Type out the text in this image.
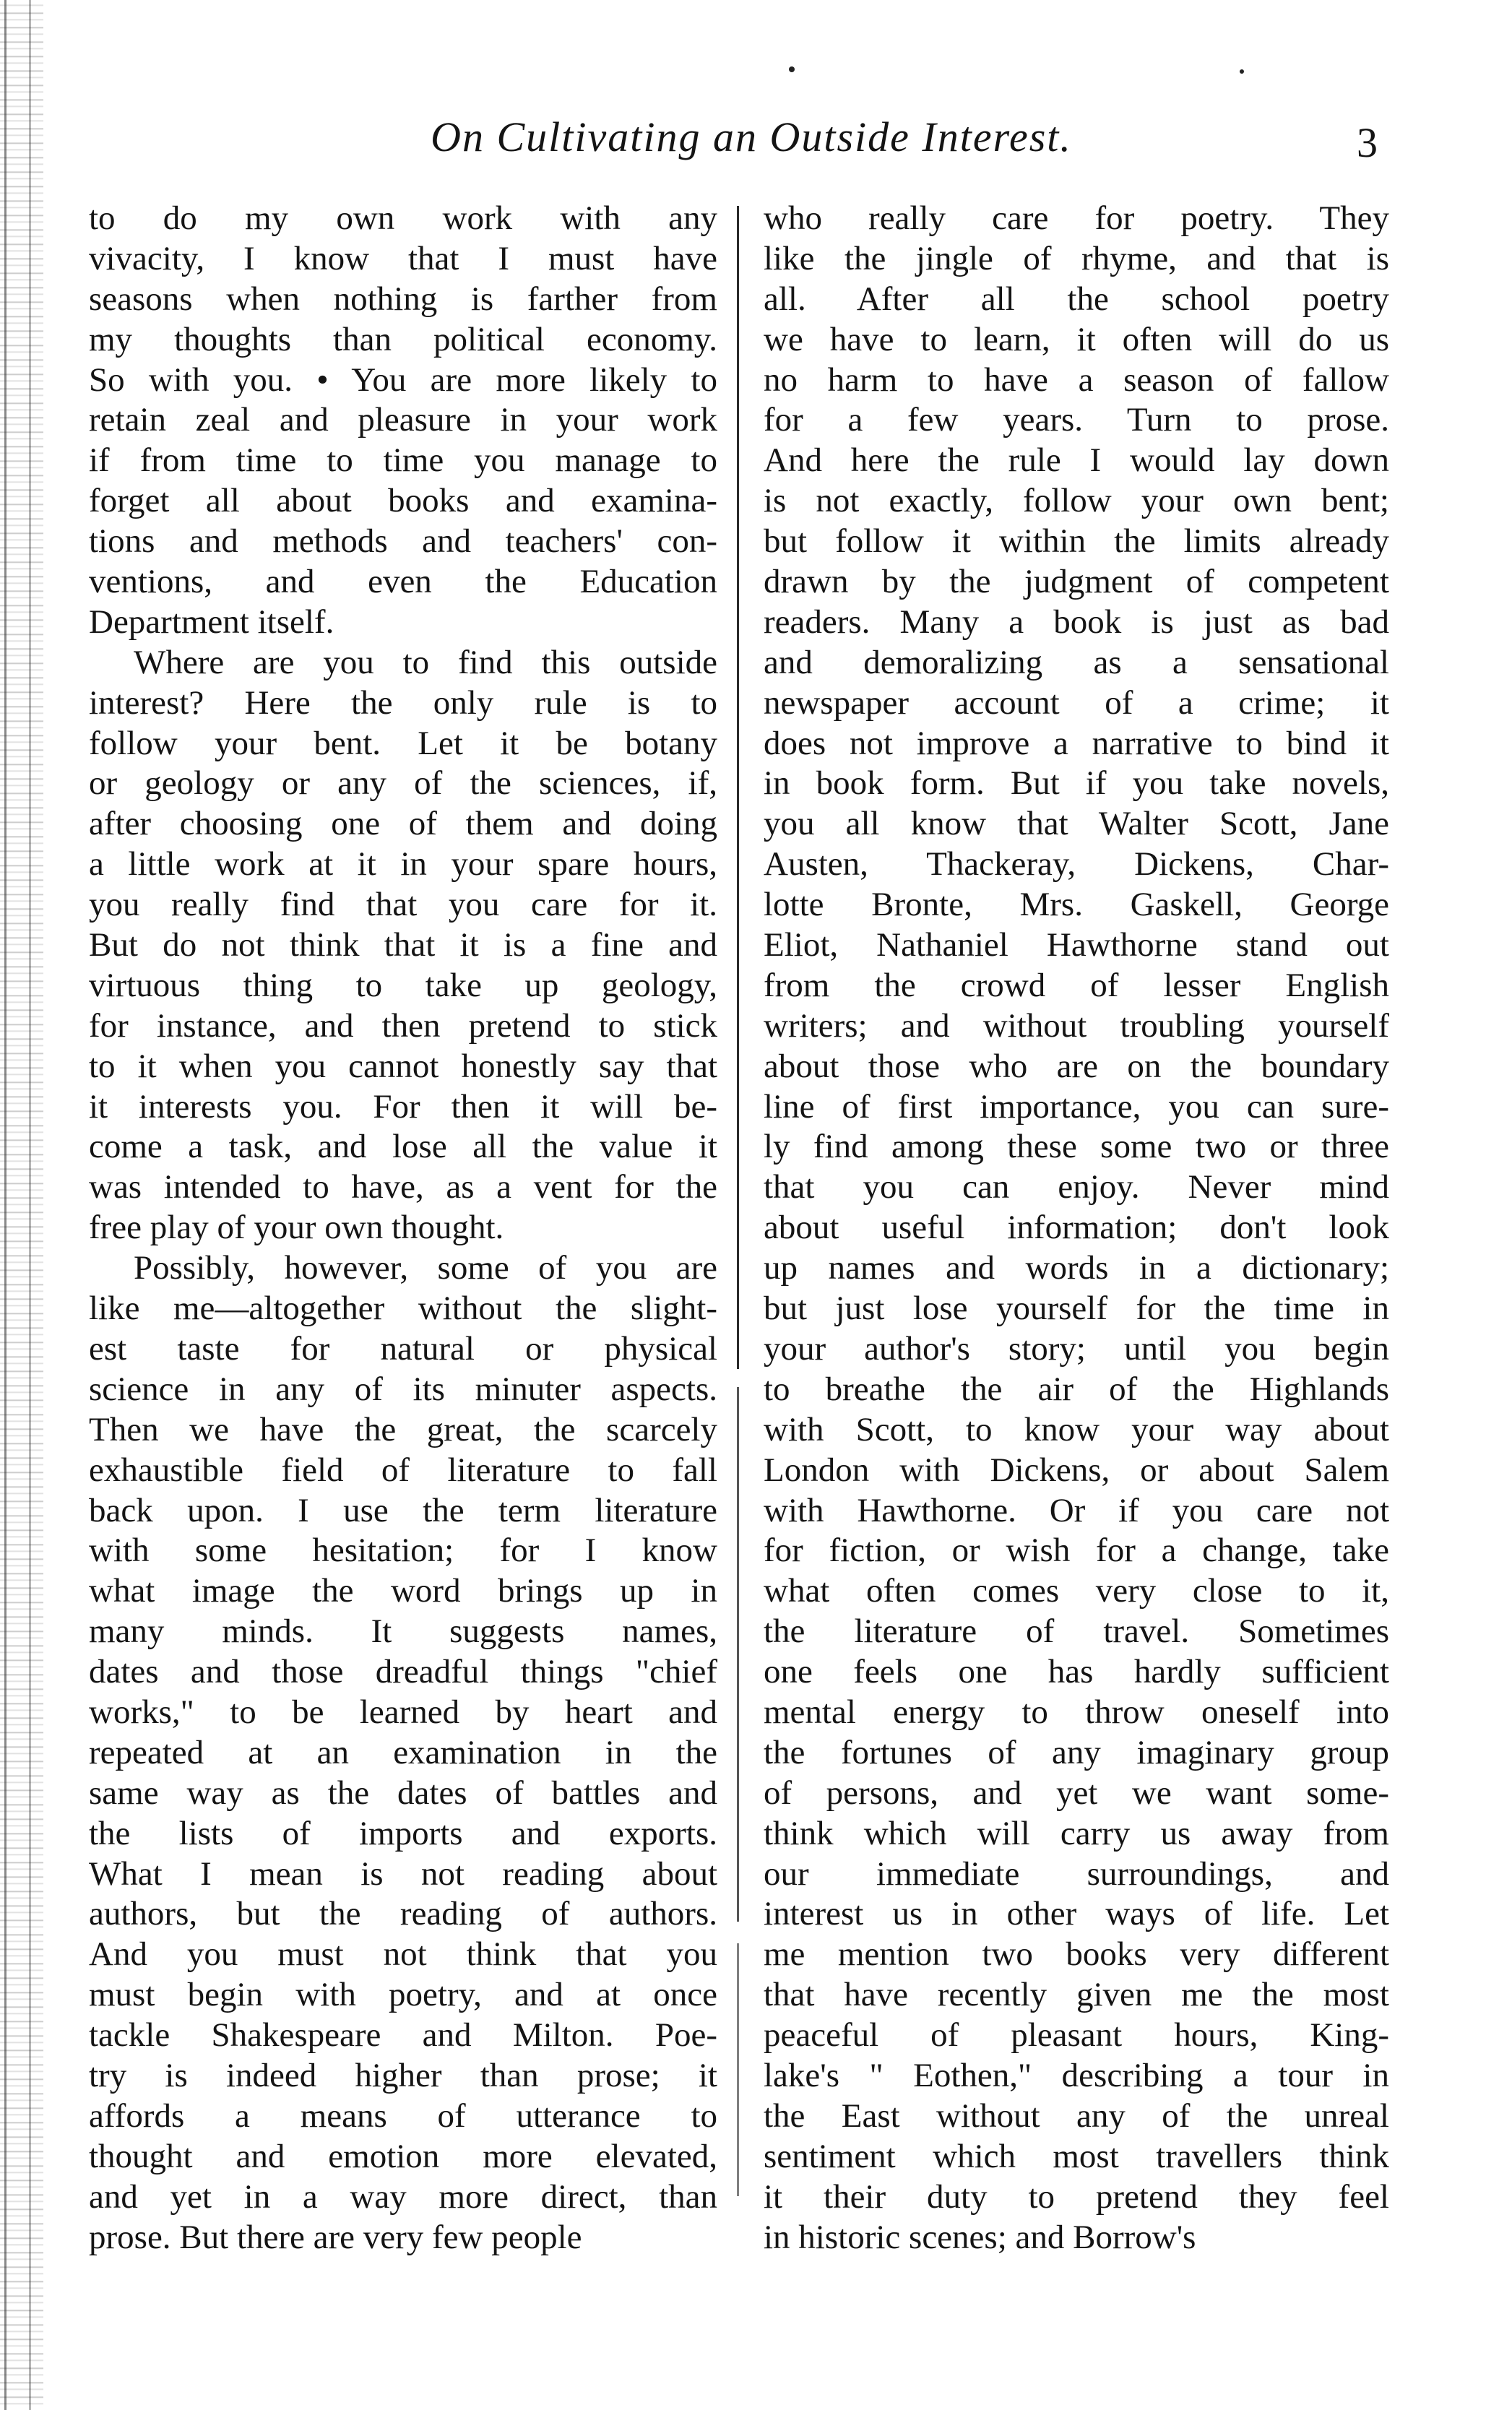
On Cultivating an Outside Interest.	3
to do my own work with any
vivacity, I know that I must have
seasons when nothing is farther from
my thoughts than political economy.
So with you. • You are more likely to
retain zeal and pleasure in your work
if from time to time you manage to
forget all about books and examina-
tions and methods and teachers' con-
ventions, and even the Education
Department itself.
Where are you to find this outside
interest? Here the only rule is to
follow your bent. Let it be botany
or geology or any of the sciences, if,
after choosing one of them and doing
a little work at it in your spare hours,
you really find that you care for it.
But do not think that it is a fine and
virtuous thing to take up geology,
for instance, and then pretend to stick
to it when you cannot honestly say that
it interests you. For then it will be-
come a task, and lose all the value it
was intended to have, as a vent for the
free play of your own thought.
Possibly, however, some of you are
like me—altogether without the slight-
est taste for natural or physical
science in any of its minuter aspects.
Then we have the great, the scarcely
exhaustible field of literature to fall
back upon. I use the term literature
with some hesitation; for I know
what image the word brings up in
many minds. It suggests names,
dates and those dreadful things "chief
works," to be learned by heart and
repeated at an examination in the
same way as the dates of battles and
the lists of imports and exports.
What I mean is not reading about
authors, but the reading of authors.
And you must not think that you
must begin with poetry, and at once
tackle Shakespeare and Milton. Poe-
try is indeed higher than prose; it
affords a means of utterance to
thought and emotion more elevated,
and yet in a way more direct, than
prose. But there are very few people
who really care for poetry. They
like the jingle of rhyme, and that is
all. After all the school poetry
we have to learn, it often will do us
no harm to have a season of fallow
for a few years. Turn to prose.
And here the rule I would lay down
is not exactly, follow your own bent;
but follow it within the limits already
drawn by the judgment of competent
readers. Many a book is just as bad
and demoralizing as a sensational
newspaper account of a crime; it
does not improve a narrative to bind it
in book form. But if you take novels,
you all know that Walter Scott, Jane
Austen, Thackeray, Dickens, Char-
lotte Bronte, Mrs. Gaskell, George
Eliot, Nathaniel Hawthorne stand out
from the crowd of lesser English
writers; and without troubling yourself
about those who are on the boundary
line of first importance, you can sure-
ly find among these some two or three
that you can enjoy. Never mind
about useful information; don't look
up names and words in a dictionary;
but just lose yourself for the time in
your author's story; until you begin
to breathe the air of the Highlands
with Scott, to know your way about
London with Dickens, or about Salem
with Hawthorne. Or if you care not
for fiction, or wish for a change, take
what often comes very close to it,
the literature of travel. Sometimes
one feels one has hardly sufficient
mental energy to throw oneself into
the fortunes of any imaginary group
of persons, and yet we want some-
think which will carry us away from
our immediate surroundings, and
interest us in other ways of life. Let
me mention two books very different
that have recently given me the most
peaceful of pleasant hours, King-
lake's " Eothen," describing a tour in
the East without any of the unreal
sentiment which most travellers think
it their duty to pretend they feel
in historic scenes; and Borrow's
